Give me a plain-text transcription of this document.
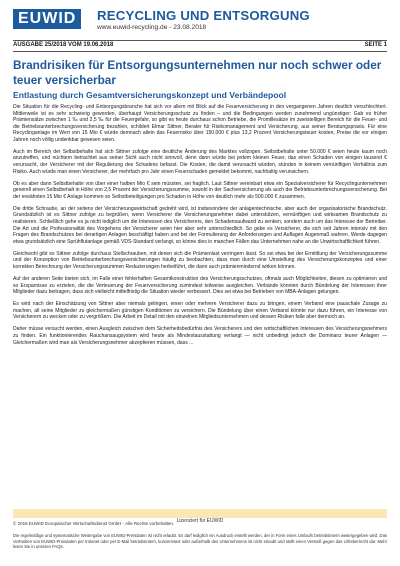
EUWID	RECYCLING UND ENTSORGUNG
www.euwid-recycling.de - 23.08.2018
AUSGABE 25/2018 VOM 19.06.2018	SEITE 1
Brandrisiken für Entsorgungsunternehmen nur noch schwer oder teuer versicherbar
Entlastung durch Gesamtversicherungskonzept und Verbändepool

Die Situation für die Recycling- und Entsorgungsbranche hat sich vor allem mit Blick auf die Feuerversicherung in den vergangenen Jahren deutlich verschlechtert. Mittlerweile ist es sehr schwierig geworden, überhaupt Versicherungsschutz zu finden – und die Bedingungen werden zunehmend ungünstiger: Gab es früher Prämiensätze zwischen 1 ‰ und 2,5 ‰ für die Feuergefahr, so gibt es heute durchaus schon Betriebe, die Promillesätze im zweistelligen Bereich für die Feuer- und die Betriebsunterbrechungsversicherung bezahlen, schildert Elmar Sittner, Berater für Risikomanagement und Versicherung, aus seiner Beratungspraxis. Für eine Recyclinganlage im Wert von 15 Mio € würde demnach allein das Feuerrisiko über 150.000 € plus 13,2 Prozent Versicherungsteuer kosten, Preise die vor einigen Jahren noch völlig undenkbar gewesen seien.

Auch im Bereich der Selbstbehalte hat sich Sittner zufolge eine deutliche Änderung des Marktes vollzogen. Selbstbehalte unter 50.000 € seien heute kaum noch anzutreffen, und nüchtern betrachtet aus seiner Sicht auch nicht sinnvoll, denn dann würde bei jedem kleinen Feuer, das einen Schaden von einigen tausend € verursacht, der Versicherer mit der Regulierung des Schadens befasst. Die Kosten, die damit verursacht würden, stünden in keinem vernünftigen Verhältnis zum Risiko. Auch würde man einen Versicherer, der mehrfach pro Jahr einen Feuerschaden gemeldet bekommt, nachhaltig verunsichern.

Ob es aber dann Selbstbehalte von über einer halben Mio € sein müssten, sei fraglich. Laut Sittner vereinbart etwa ein Spezialversicherer für Recyclingunternehmen generell einen Selbstbehalt in Höhe von 2,5 Prozent der Versicherungssumme, sowohl in der Sachversicherung als auch der Betriebsunterbrechungsversicherung. Bei der erwähnten 15 Mio € Anlage kommen so Selbstbeteiligungen pro Schaden in Höhe von deutlich mehr als 500.000 € zusammen.

Die dritte Schraube, an der seitens der Versicherungswirtschaft gedreht wird, ist insbesondere der anlagentechnische, aber auch der organisatorische Brandschutz. Grundsätzlich ist es Sittner zufolge zu begrüßen, wenn Versicherer die Versicherungsnehmer dabei unterstützen, vernünftigen und wirksamen Brandschutz zu realisieren. Schließlich gehe es ja nicht lediglich um die Interessen des Versicherers, den Schadensaufwand zu senken, sondern auch um das Interesse der Betreiber. Die Art und die Professionalität des Vorgehens der Versicherer seien hier aber sehr unterschiedlich. So gebe es Versicherer, die sich seit Jahren intensiv mit den Fragen des Brandschutzes bei derartigen Anlagen beschäftigt haben und bei der Formulierung der Anforderungen und Auflagen Augenmaß wahren. Werde dagegen etwa grundsätzlich eine Sprühflutanlage gemäß VDS-Standard verlangt, so könne dies in manchen Fällen das Unternehmen nahe an die Unwirtschaftlichkeit führen.

Gleichwohl gibt es Sittner zufolge durchaus Stellschrauben, mit denen sich die Prämienlast verringern lässt. So sei etwa bei der Ermittlung der Versicherungssumme und der Konzeption von Betriebsunterbrechungsversicherungen häufig zu beobachten, dass man durch eine Umstellung des Versicherungskonzeptes und einer korrekten Berechnung der Versicherungssummen Reduzierungen herbeiführt, die dann auch prämienmindernd wirken können.

Auf der anderen Seite bieten sich, im Falle einer fehlerhaften Gesamtkonstruktion des Versicherungsschutzes, oftmals auch Möglichkeiten, diesen zu optimieren und so Ersparnisse zu erzielen, die die Verteuerung der Feuerversicherung zumindest teilweise ausgleichen. Verbände könnten durch Bündelung der Interessen ihrer Mitglieder dazu beitragen, dass sich vielleicht mittelfristig die Situation wieder verbessert. Dies sei etwa bei Betrieben von MBA-Anlagen gelungen.

Es wird nach der Einschätzung von Sittner aber niemals gelingen, einen oder mehrere Versicherer dazu zu bringen, einem Verband eine pauschale Zusage zu machen, all seine Mitglieder zu gleichermaßen günstigen Konditionen zu versichern. Die Bündelung über einen Verband könnte nur dazu führen, ein Interesse von Versicherern zu wecken oder zu vergrößern. Die Arbeit im Detail mit den einzelnen Mitgliedsunternehmen und dessen Risiken falle aber dennoch an.

Daher müsse versucht werden, einen Ausgleich zwischen dem Sicherheitsbedürfnis des Versicherers und den wirtschaftlichen Interessen des Versicherungsnehmers zu finden. Ein funktionierendes Rauchansaugsystem wird heute als Mindestausstattung verlangt — nicht unbedingt jedoch die Dominanz teurer Anlagen — Gleichermaßen wird man als Versicherungsnehmer akzeptieren müssen, dass ...

Lizenziert für EUWID
© 2018 EUWID Europäischer Wirtschaftsdienst GmbH - Alle Rechte vorbehalten.

Die regelmäßige und systematische Weitergabe von EUWID-Preisdaten ist nicht erlaubt. Es darf lediglich ein Ausdruck erstellt werden, der in Form eines Umlaufs betriebsintern weitergegeben wird. Das Vertreiben von EUWID-Preisdaten per Intranet oder per E-Mail betriebsintern, konzernweit oder außerhalb des Unternehmens ist nicht erlaubt und stellt einen Verstoß gegen das Urheberrecht dar. Mehr lesen Sie in unseren FAQs.
